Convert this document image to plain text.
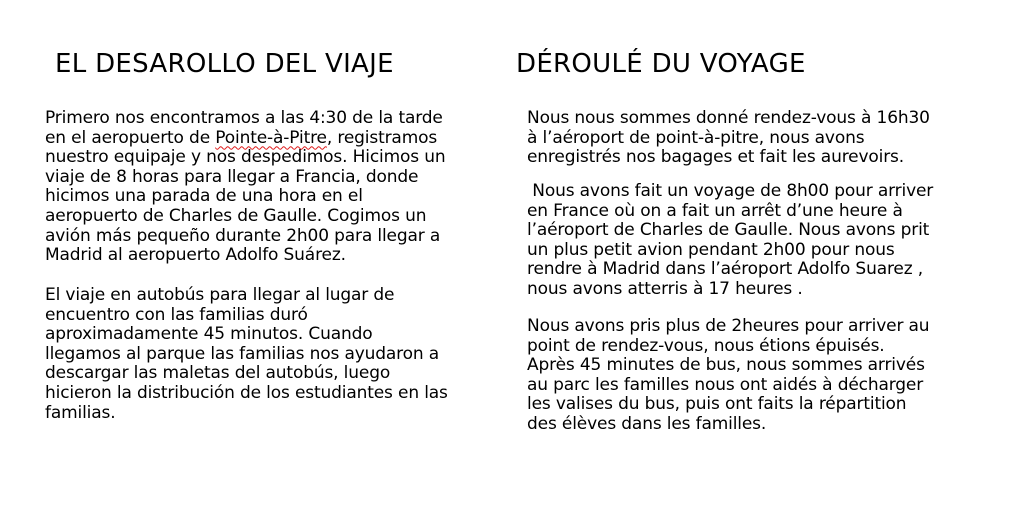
EL DESAROLLO DEL VIAJE

Primero nos encontramos a las 4:30 de la tarde
en el aeropuerto de Pointe-à-Pitre, registramos
nuestro equipaje y nos despedimos. Hicimos un
viaje de 8 horas para llegar a Francia, donde
hicimos una parada de una hora en el
aeropuerto de Charles de Gaulle. Cogimos un
avión más pequeño durante 2h00 para llegar a
Madrid al aeropuerto Adolfo Suárez.

El viaje en autobús para llegar al lugar de
encuentro con las familias duró
aproximadamente 45 minutos. Cuando
llegamos al parque las familias nos ayudaron a
descargar las maletas del autobús, luego
hicieron la distribución de los estudiantes en las
familias.

DÉROULÉ DU VOYAGE

Nous nous sommes donné rendez-vous à 16h30
à l’aéroport de point-à-pitre, nous avons
enregistrés nos bagages et fait les aurevoirs.

Nous avons fait un voyage de 8h00 pour arriver
en France où on a fait un arrêt d’une heure à
l’aéroport de Charles de Gaulle. Nous avons prit
un plus petit avion pendant 2h00 pour nous
rendre à Madrid dans l’aéroport Adolfo Suarez ,
nous avons atterris à 17 heures .

Nous avons pris plus de 2heures pour arriver au
point de rendez-vous, nous étions épuisés.
Après 45 minutes de bus, nous sommes arrivés
au parc les familles nous ont aidés à décharger
les valises du bus, puis ont faits la répartition
des élèves dans les familles.
